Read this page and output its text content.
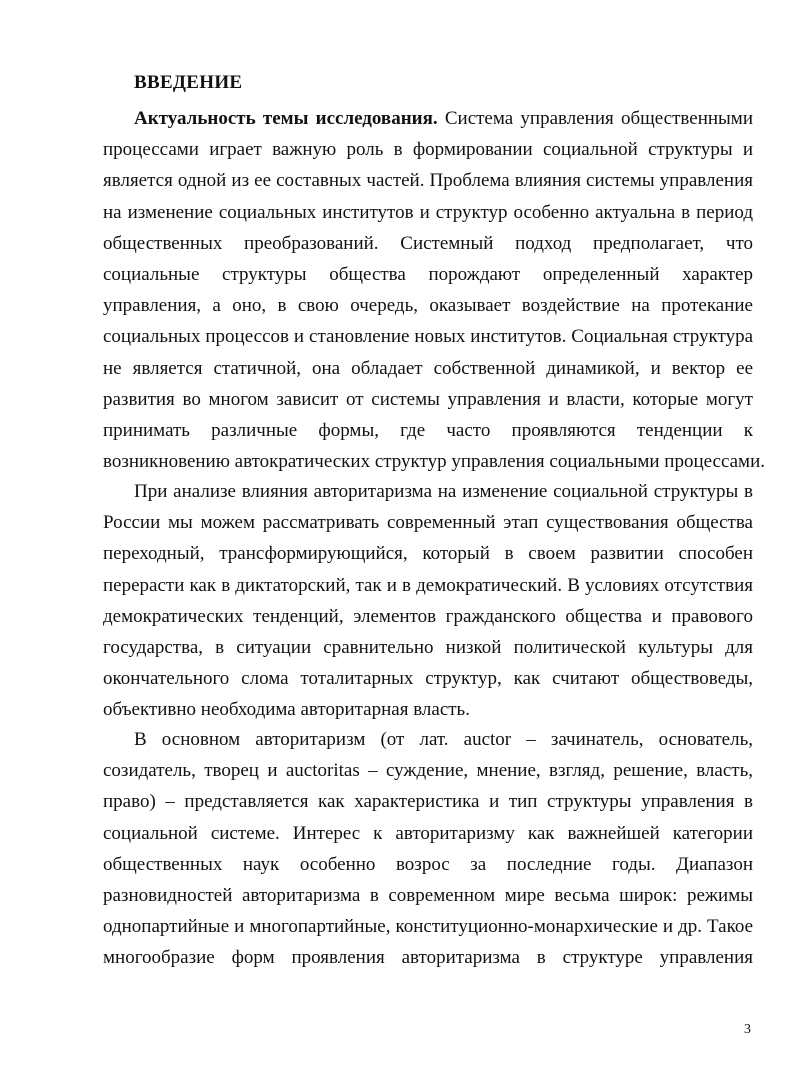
ВВЕДЕНИЕ
Актуальность темы исследования. Система управления общественными
процессами играет важную роль в формировании социальной структуры и
является одной из ее составных частей. Проблема влияния системы управления
на изменение социальных институтов и структур особенно актуальна в период
общественных преобразований. Системный подход предполагает, что
социальные структуры общества порождают определенный характер
управления, а оно, в свою очередь, оказывает воздействие на протекание
социальных процессов и становление новых институтов. Социальная структура
не является статичной, она обладает собственной динамикой, и вектор ее
развития во многом зависит от системы управления и власти, которые могут
принимать различные формы, где часто проявляются тенденции к
возникновению автократических структур управления социальными процессами.
При анализе влияния авторитаризма на изменение социальной структуры в
России мы можем рассматривать современный этап существования общества
переходный, трансформирующийся, который в своем развитии способен
перерасти как в диктаторский, так и в демократический. В условиях отсутствия
демократических тенденций, элементов гражданского общества и правового
государства, в ситуации сравнительно низкой политической культуры для
окончательного слома тоталитарных структур, как считают обществоведы,
объективно необходима авторитарная власть.
В основном авторитаризм (от лат. auctor – зачинатель, основатель,
созидатель, творец и auctoritas – суждение, мнение, взгляд, решение, власть,
право) – представляется как характеристика и тип структуры управления в
социальной системе. Интерес к авторитаризму как важнейшей категории
общественных наук особенно возрос за последние годы. Диапазон
разновидностей авторитаризма в современном мире весьма широк: режимы
однопартийные и многопартийные, конституционно-монархические и др. Такое
многообразие форм проявления авторитаризма в структуре управления
3
